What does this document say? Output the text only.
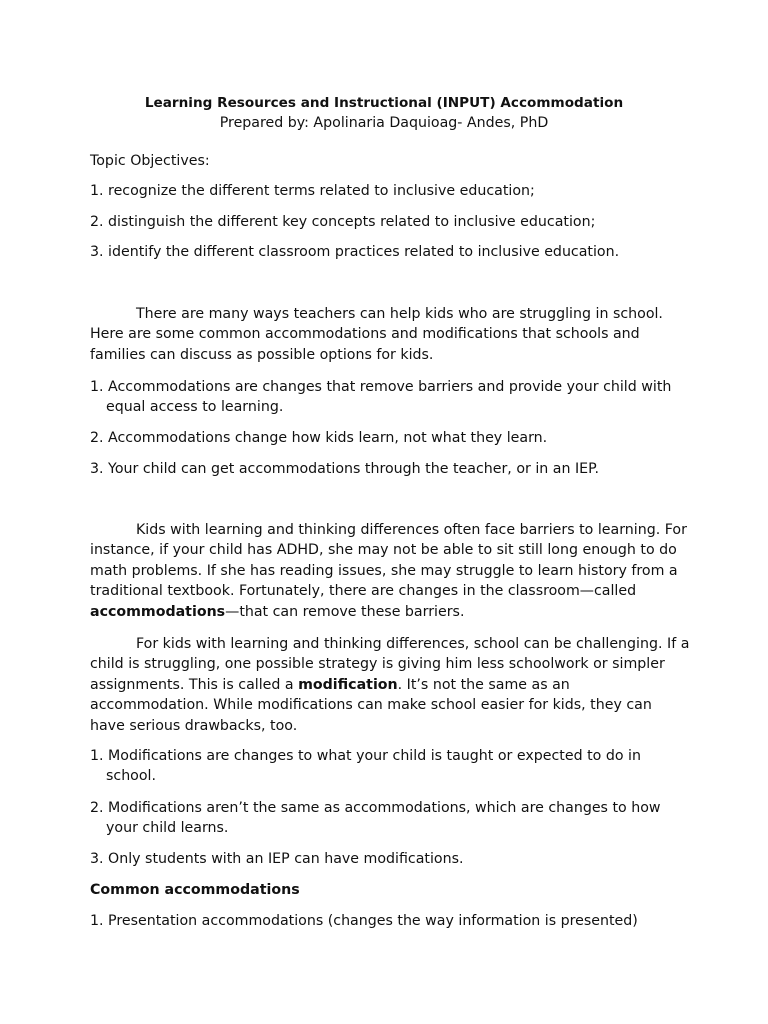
Learning Resources and Instructional (INPUT) Accommodation

Prepared by: Apolinaria Daquioag- Andes, PhD

Topic Objectives:

1. recognize the different terms related to inclusive education;

2. distinguish the different key concepts related to inclusive education;

3. identify the different classroom practices related to inclusive education.

There are many ways teachers can help kids who are struggling in school. Here are some common accommodations and modifications that schools and families can discuss as possible options for kids.

1. Accommodations are changes that remove barriers and provide your child with equal access to learning.

2. Accommodations change how kids learn, not what they learn.

3. Your child can get accommodations through the teacher, or in an IEP.

Kids with learning and thinking differences often face barriers to learning. For instance, if your child has ADHD, she may not be able to sit still long enough to do math problems. If she has reading issues, she may struggle to learn history from a traditional textbook. Fortunately, there are changes in the classroom—called accommodations—that can remove these barriers.

For kids with learning and thinking differences, school can be challenging. If a child is struggling, one possible strategy is giving him less schoolwork or simpler assignments. This is called a modification. It’s not the same as an accommodation. While modifications can make school easier for kids, they can have serious drawbacks, too.

1. Modifications are changes to what your child is taught or expected to do in school.

2. Modifications aren’t the same as accommodations, which are changes to how your child learns.

3. Only students with an IEP can have modifications.

Common accommodations

1. Presentation accommodations (changes the way information is presented)
